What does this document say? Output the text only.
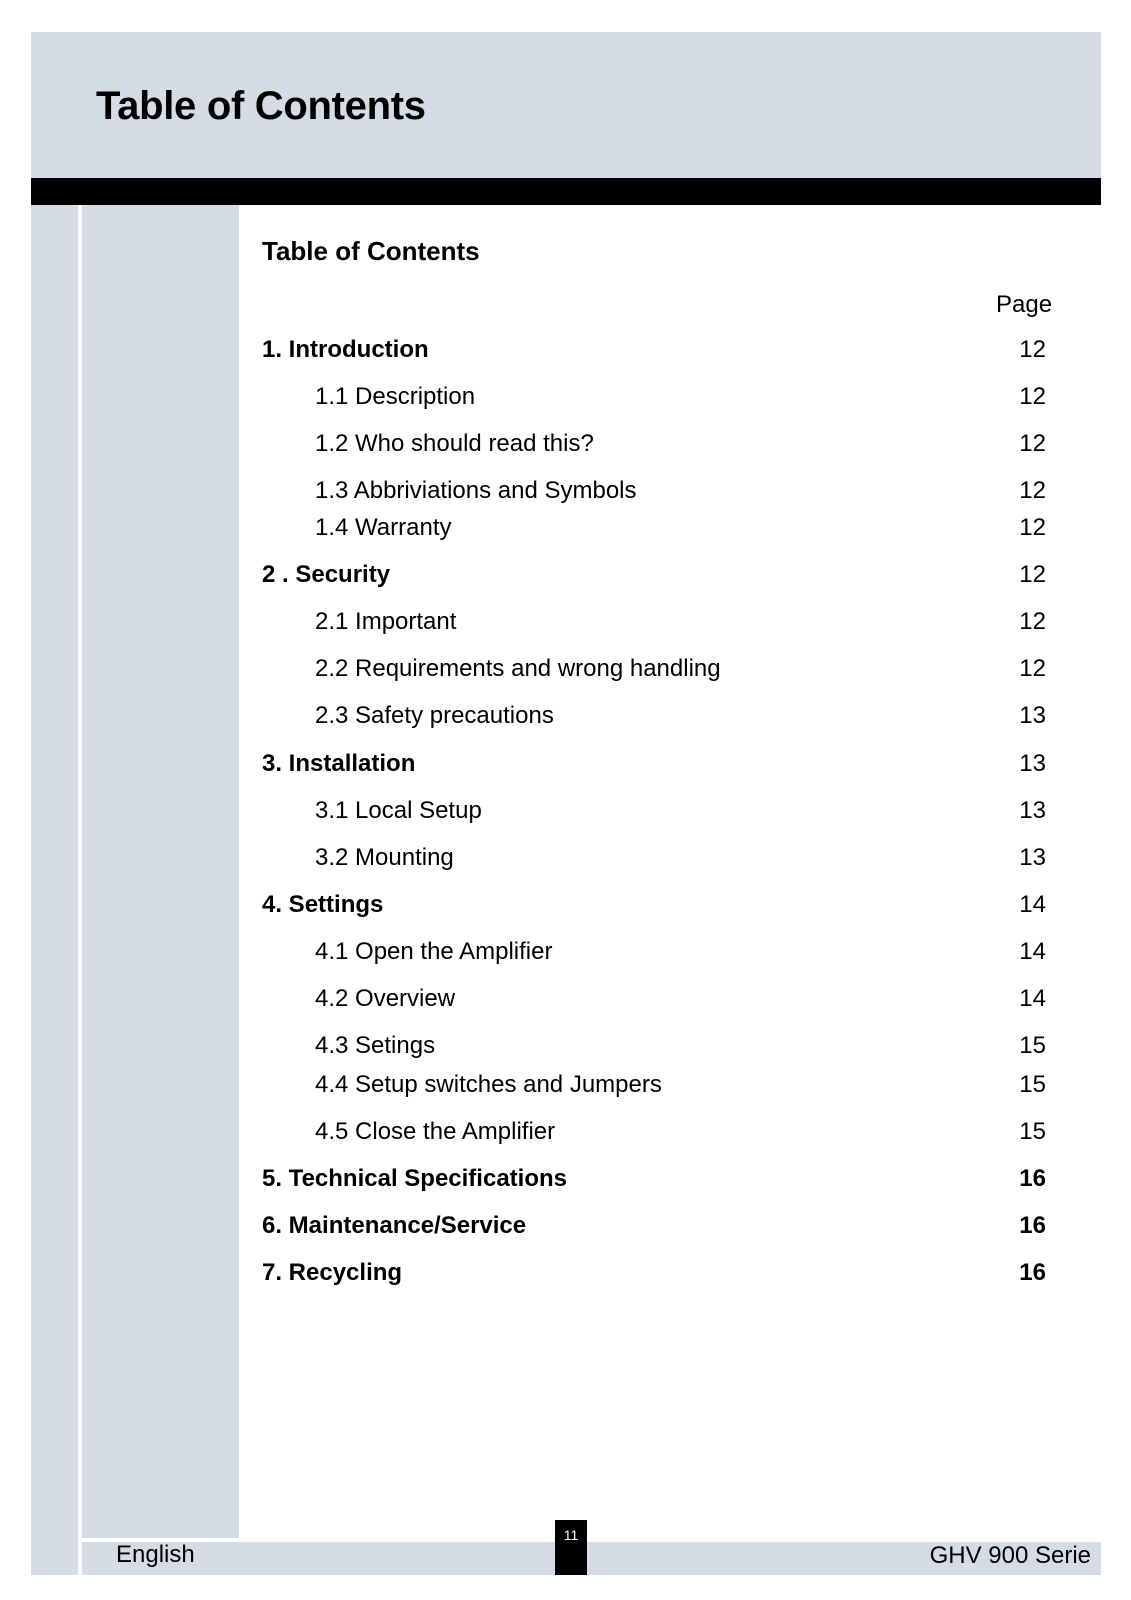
Table of Contents
Table of Contents
Page
1. Introduction	12
1.1 Description	12
1.2 Who should read this?	12
1.3 Abbriviations and Symbols	12
1.4 Warranty	12
2 . Security	12
2.1 Important	12
2.2 Requirements and wrong handling	12
2.3 Safety precautions	13
3. Installation	13
3.1 Local Setup	13
3.2 Mounting	13
4. Settings	14
4.1 Open the Amplifier	14
4.2 Overview	14
4.3 Setings	15
4.4 Setup switches and Jumpers	15
4.5 Close the Amplifier	15
5. Technical Specifications	16
6. Maintenance/Service	16
7. Recycling	16
English
11
GHV 900 Serie
